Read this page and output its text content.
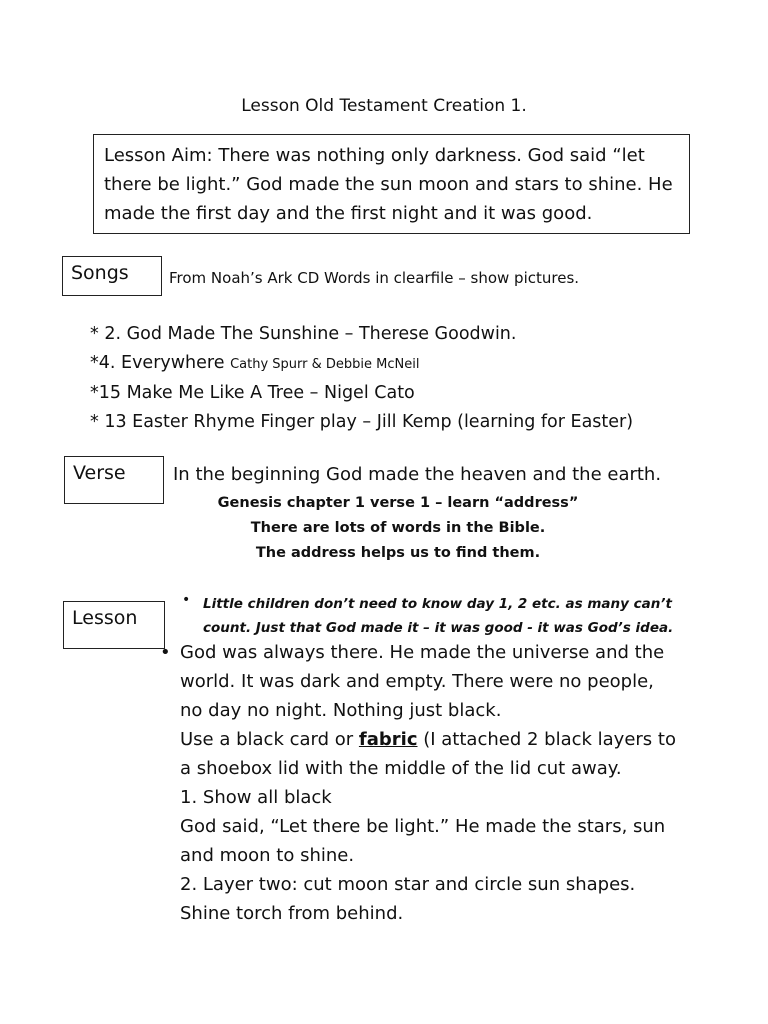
Lesson Old Testament Creation 1.
Lesson Aim: There was nothing only darkness. God said “let there be light.” God made the sun moon and stars to shine. He made the first day and the first night and it was good.
Songs	From Noah’s Ark CD Words in clearfile – show pictures.
* 2. God Made The Sunshine – Therese Goodwin.
*4. Everywhere Cathy Spurr & Debbie McNeil
*15 Make Me Like A Tree – Nigel Cato
* 13 Easter Rhyme Finger play – Jill Kemp (learning for Easter)
Verse	In the beginning God made the heaven and the earth.
Genesis chapter 1 verse 1 – learn “address”
There are lots of words in the Bible.
The address helps us to find them.
Lesson
• Little children don’t need to know day 1, 2 etc. as many can’t count. Just that God made it – it was good - it was God’s idea.
• God was always there. He made the universe and the
world. It was dark and empty. There were no people,
no day no night. Nothing just black.
Use a black card or fabric (I attached 2 black layers to
a shoebox lid with the middle of the lid cut away.
1. Show all black
God said, “Let there be light.” He made the stars, sun
and moon to shine.
2. Layer two: cut moon star and circle sun shapes.
Shine torch from behind.
